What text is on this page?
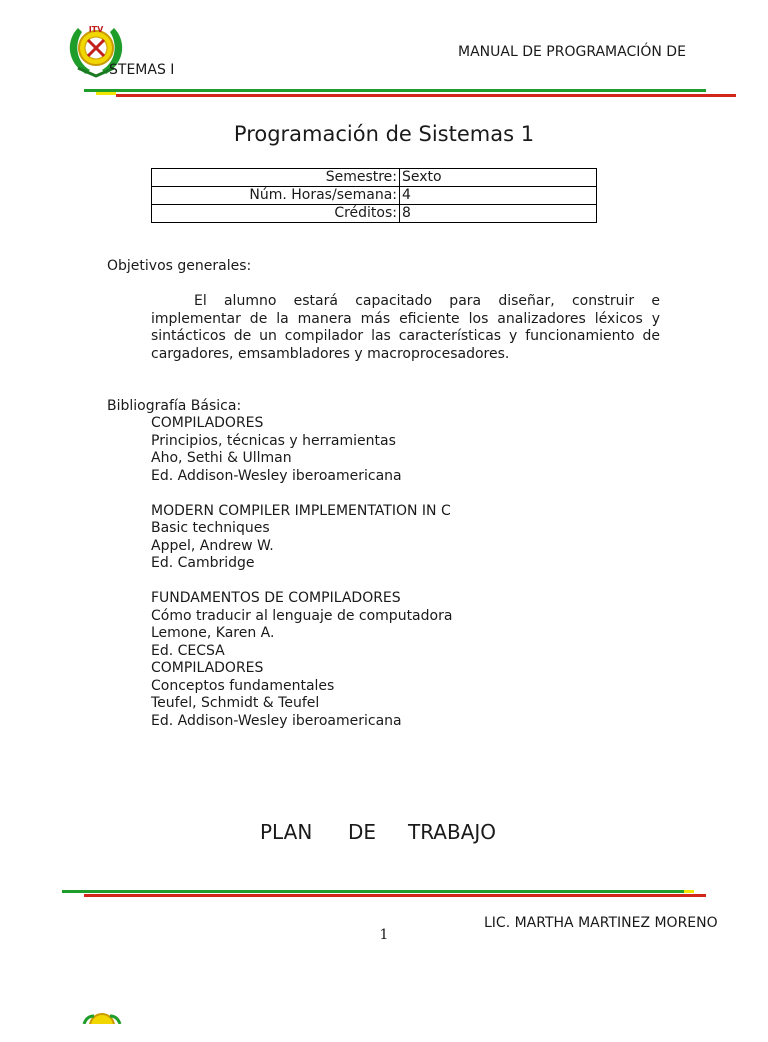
ITV
MANUAL DE PROGRAMACIÓN DE
STEMAS I
Programación de Sistemas 1
Semestre:	Sexto
Núm. Horas/semana:	4
Créditos:	8
Objetivos generales:
El alumno estará capacitado para diseñar, construir e implementar de la manera más eficiente los analizadores léxicos y sintácticos de un compilador las características y funcionamiento de cargadores, emsambladores y macroprocesadores.
Bibliografía Básica:
COMPILADORES
Principios, técnicas y herramientas
Aho, Sethi & Ullman
Ed. Addison-Wesley iberoamericana
MODERN COMPILER IMPLEMENTATION IN C
Basic techniques
Appel, Andrew W.
Ed. Cambridge
FUNDAMENTOS DE COMPILADORES
Cómo traducir al lenguaje de computadora
Lemone, Karen A.
Ed. CECSA
COMPILADORES
Conceptos fundamentales
Teufel, Schmidt & Teufel
Ed. Addison-Wesley iberoamericana
PLAN DE TRABAJO
LIC. MARTHA MARTINEZ MORENO
1
